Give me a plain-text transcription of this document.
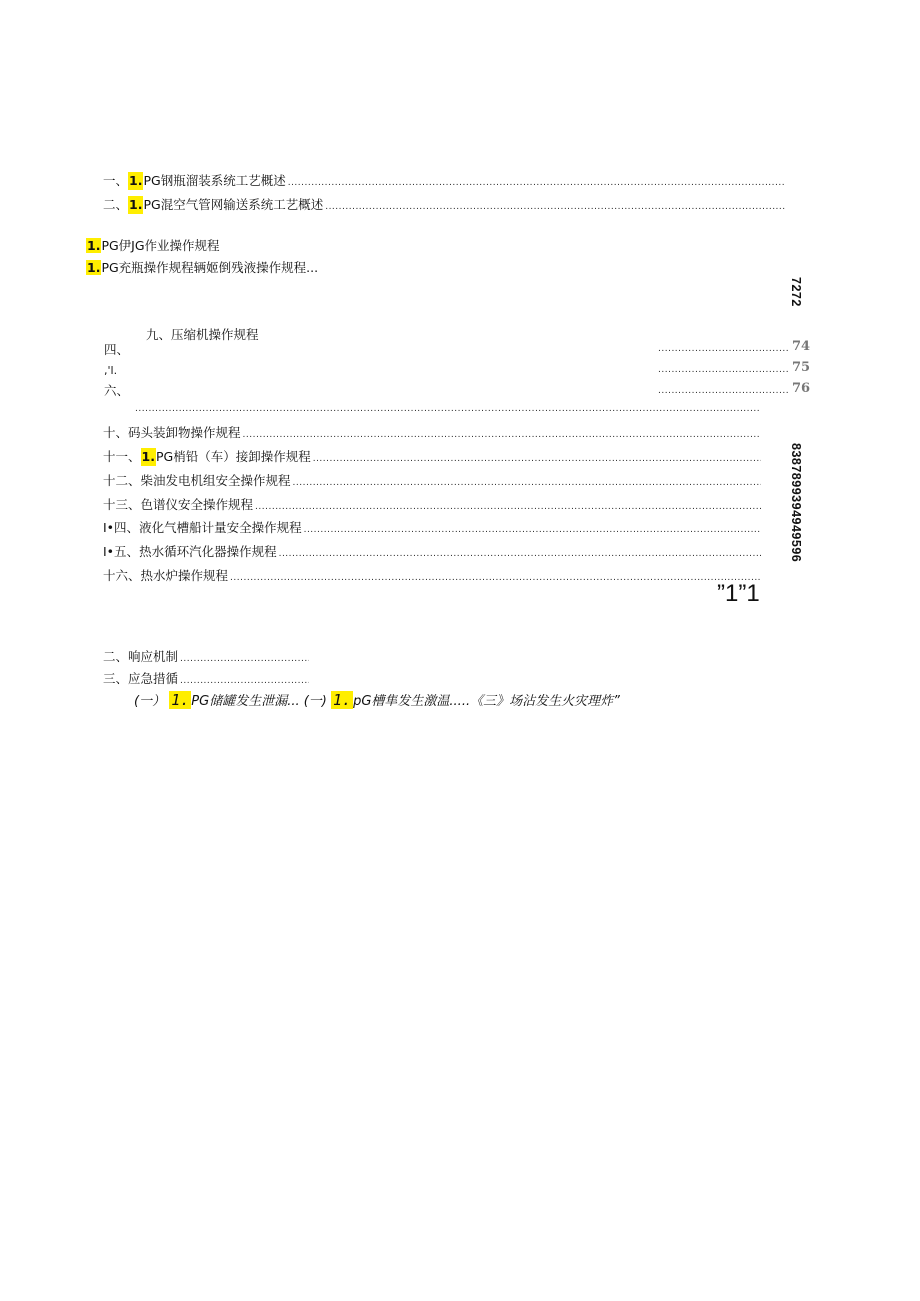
一、 1. PG钢瓶溜装系统工艺概述
.....
二、 1. PG混空气管网输送系统工艺概述
.....
1.PG伊JG作业操作规程
1.PG充瓶操作规程辆姬倒残液操作规程...
7272
九、压缩机操作规程
四、
,'l.
六、
.....
74
.....
75
.....
76
.....
十、 码头装卸物操作规程
.....
十一、 1. PG梢铅（车）接卸操作规程
.....
十二、 柴油发电机组安全操作规程
.....
十三、 色谱仪安全操作规程
.....
I•四、 液化气槽船计量安全操作规程
.....
I•五、 热水循环汽化器操作规程
.....
十六、 热水炉操作规程
.....
8387899394949596
”1”1
二、 响应机制
.....
三、 应急措循
.....
(一） 1. PG储罐发生泄漏... (一) 1. pG槽隼发生激温.....《三》场沾发生火灾理炸”
